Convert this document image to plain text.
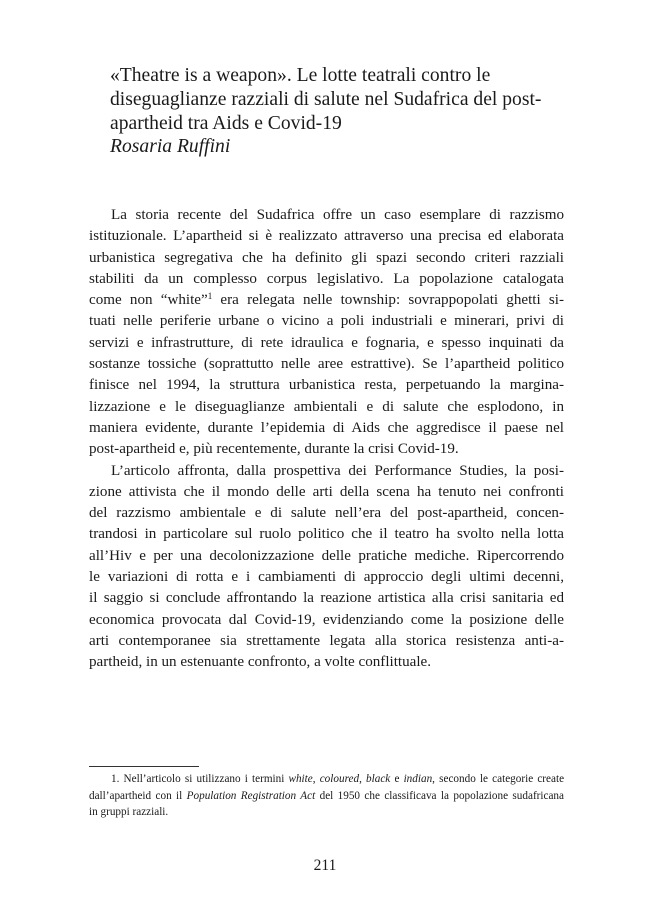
«Theatre is a weapon». Le lotte teatrali contro le
diseguaglianze razziali di salute nel Sudafrica del post-
apartheid tra Aids e Covid-19

Rosaria Ruffini

La storia recente del Sudafrica offre un caso esemplare di razzismo
istituzionale. L’apartheid si è realizzato attraverso una precisa ed elaborata
urbanistica segregativa che ha definito gli spazi secondo criteri razziali
stabiliti da un complesso corpus legislativo. La popolazione catalogata
come non “white”$^1$ era relegata nelle township: sovrappopolati ghetti si-
tuati nelle periferie urbane o vicino a poli industriali e minerari, privi di
servizi e infrastrutture, di rete idraulica e fognaria, e spesso inquinati da
sostanze tossiche (soprattutto nelle aree estrattive). Se l’apartheid politico
finisce nel 1994, la struttura urbanistica resta, perpetuando la margina-
lizzazione e le diseguaglianze ambientali e di salute che esplodono, in
maniera evidente, durante l’epidemia di Aids che aggredisce il paese nel
post-apartheid e, più recentemente, durante la crisi Covid-19.
L’articolo affronta, dalla prospettiva dei Performance Studies, la posi-
zione attivista che il mondo delle arti della scena ha tenuto nei confronti
del razzismo ambientale e di salute nell’era del post-apartheid, concen-
trandosi in particolare sul ruolo politico che il teatro ha svolto nella lotta
all’Hiv e per una decolonizzazione delle pratiche mediche. Ripercorrendo
le variazioni di rotta e i cambiamenti di approccio degli ultimi decenni,
il saggio si conclude affrontando la reazione artistica alla crisi sanitaria ed
economica provocata dal Covid-19, evidenziando come la posizione delle
arti contemporanee sia strettamente legata alla storica resistenza anti-a-
partheid, in un estenuante confronto, a volte conflittuale.
1. Nell’articolo si utilizzano i termini white, coloured, black e indian, secondo le categorie create
dall’apartheid con il Population Registration Act del 1950 che classificava la popolazione sudafricana
in gruppi razziali.
211
